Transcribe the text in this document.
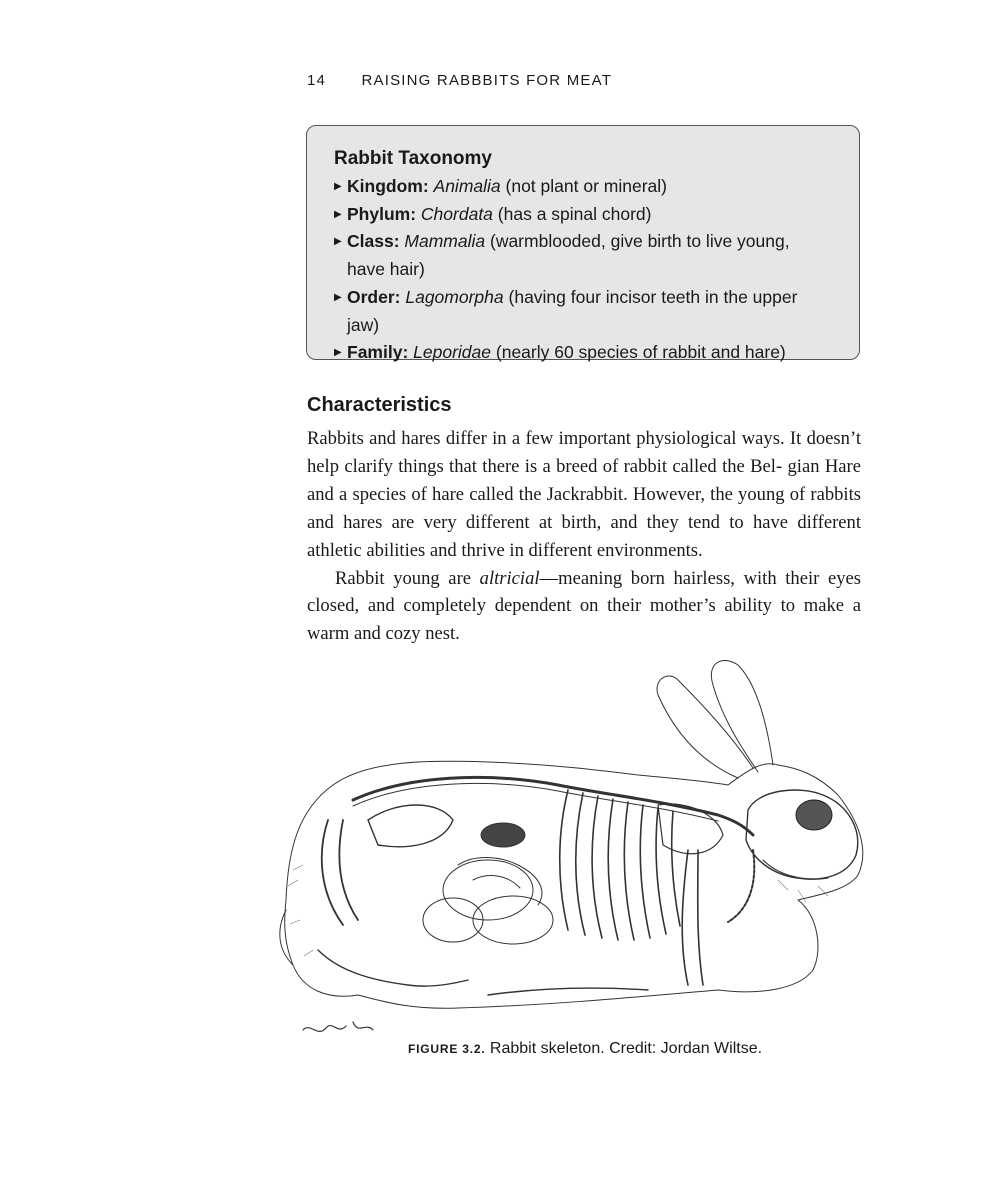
14 RAISING RABBBITS FOR MEAT
Rabbit Taxonomy
▶ Kingdom: Animalia (not plant or mineral)
▶ Phylum: Chordata (has a spinal chord)
▶ Class: Mammalia (warmblooded, give birth to live young,
have hair)
▶ Order: Lagomorpha (having four incisor teeth in the upper jaw)
▶ Family: Leporidae (nearly 60 species of rabbit and hare)
Characteristics

Rabbits and hares differ in a few important physiological ways. It doesn’t help clarify things that there is a breed of rabbit called the Bel- gian Hare and a species of hare called the Jackrabbit. However, the young of rabbits and hares are very different at birth, and they tend to have different athletic abilities and thrive in different environments.

Rabbit young are altricial—meaning born hairless, with their eyes closed, and completely dependent on their mother’s ability to make a warm and cozy nest.

FIGURE 3.2. Rabbit skeleton. Credit: Jordan Wiltse.
